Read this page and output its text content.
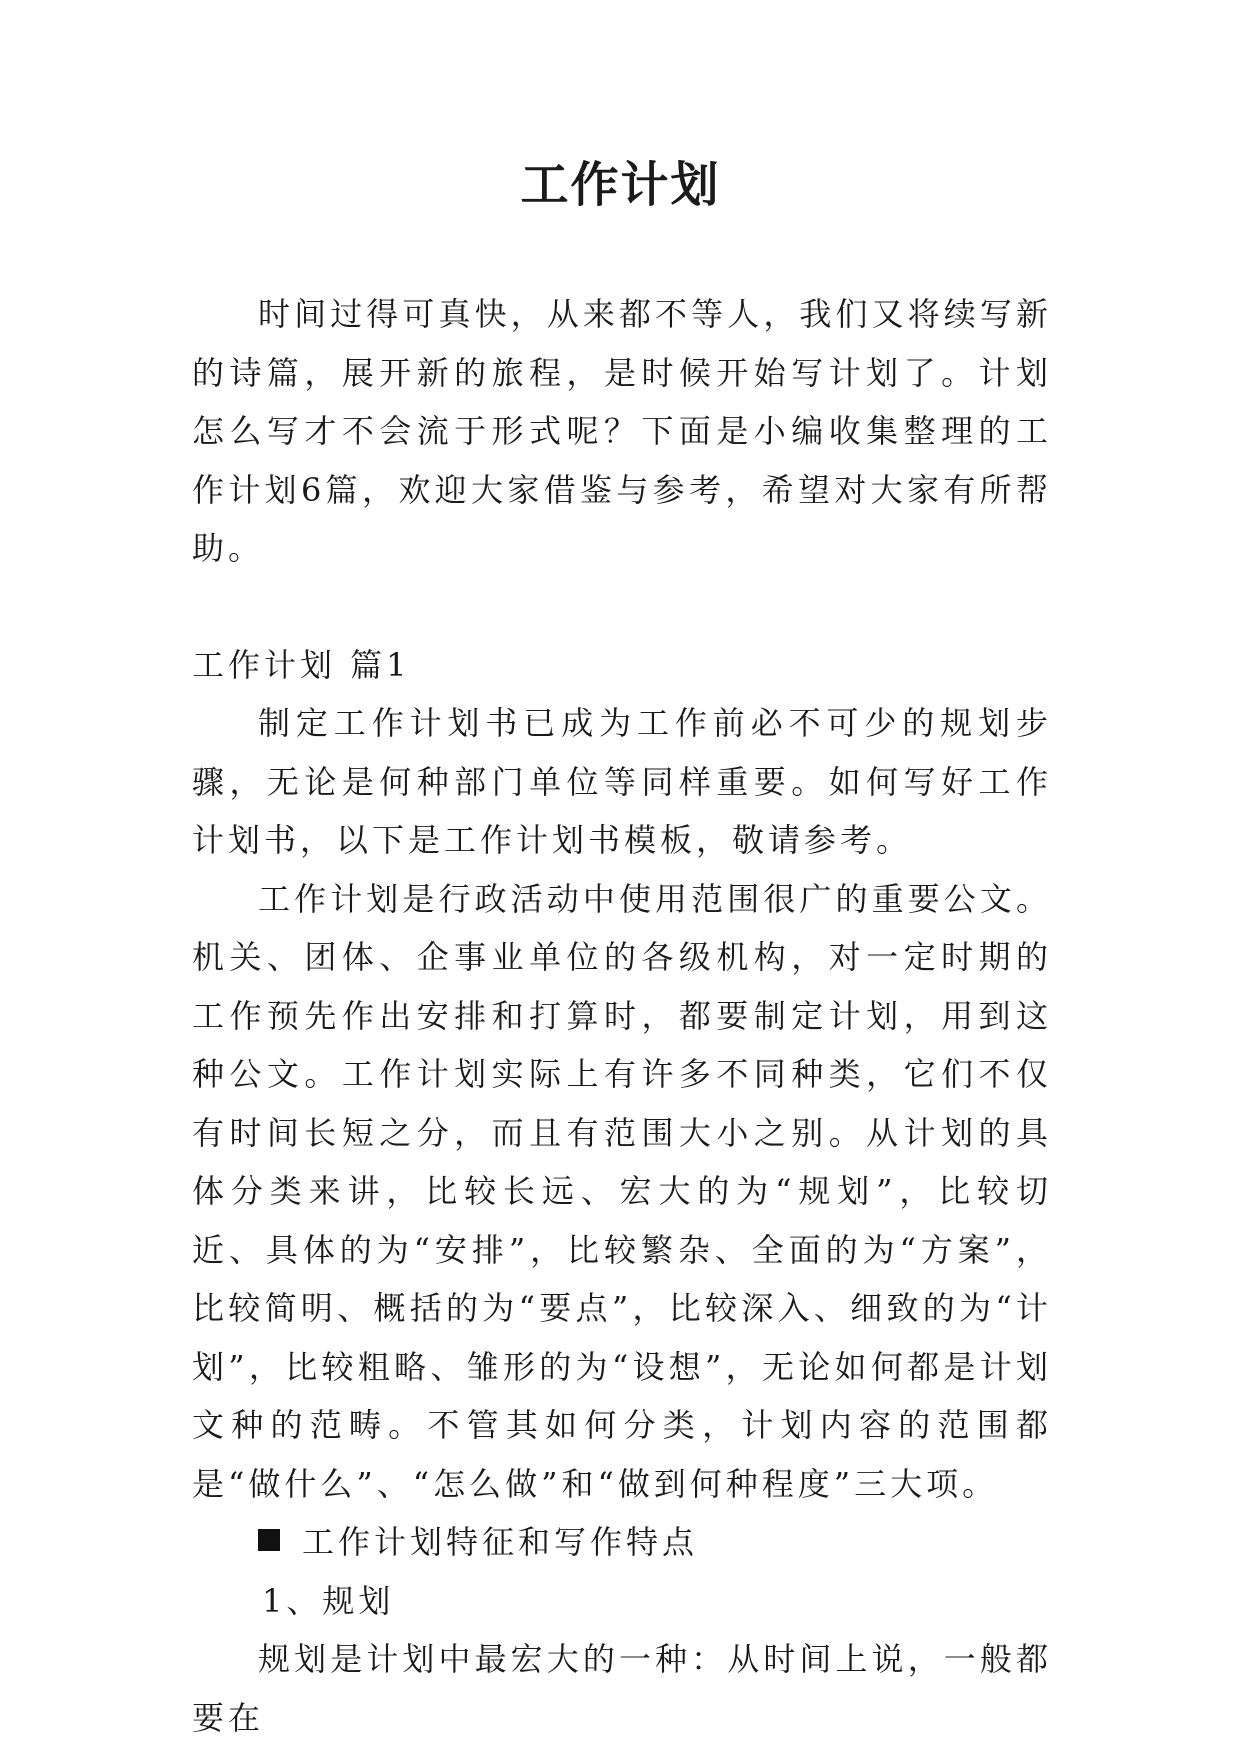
工作计划

时间过得可真快，从来都不等人，我们又将续写新的诗篇，展开新的旅程，是时候开始写计划了。计划怎么写才不会流于形式呢？下面是小编收集整理的工作计划6篇，欢迎大家借鉴与参考，希望对大家有所帮助。

工作计划 篇1

制定工作计划书已成为工作前必不可少的规划步骤，无论是何种部门单位等同样重要。如何写好工作计划书，以下是工作计划书模板，敬请参考。

工作计划是行政活动中使用范围很广的重要公文。机关、团体、企事业单位的各级机构，对一定时期的工作预先作出安排和打算时，都要制定计划，用到这种公文。工作计划实际上有许多不同种类，它们不仅有时间长短之分，而且有范围大小之别。从计划的具体分类来讲，比较长远、宏大的为“规划”，比较切近、具体的为“安排”，比较繁杂、全面的为“方案”，比较简明、概括的为“要点”，比较深入、细致的为“计划”，比较粗略、雏形的为“设想”，无论如何都是计划文种的范畴。不管其如何分类，计划内容的范围都是“做什么”、“怎么做”和“做到何种程度”三大项。

工作计划特征和写作特点

1、规划

规划是计划中最宏大的一种：从时间上说，一般都要在
